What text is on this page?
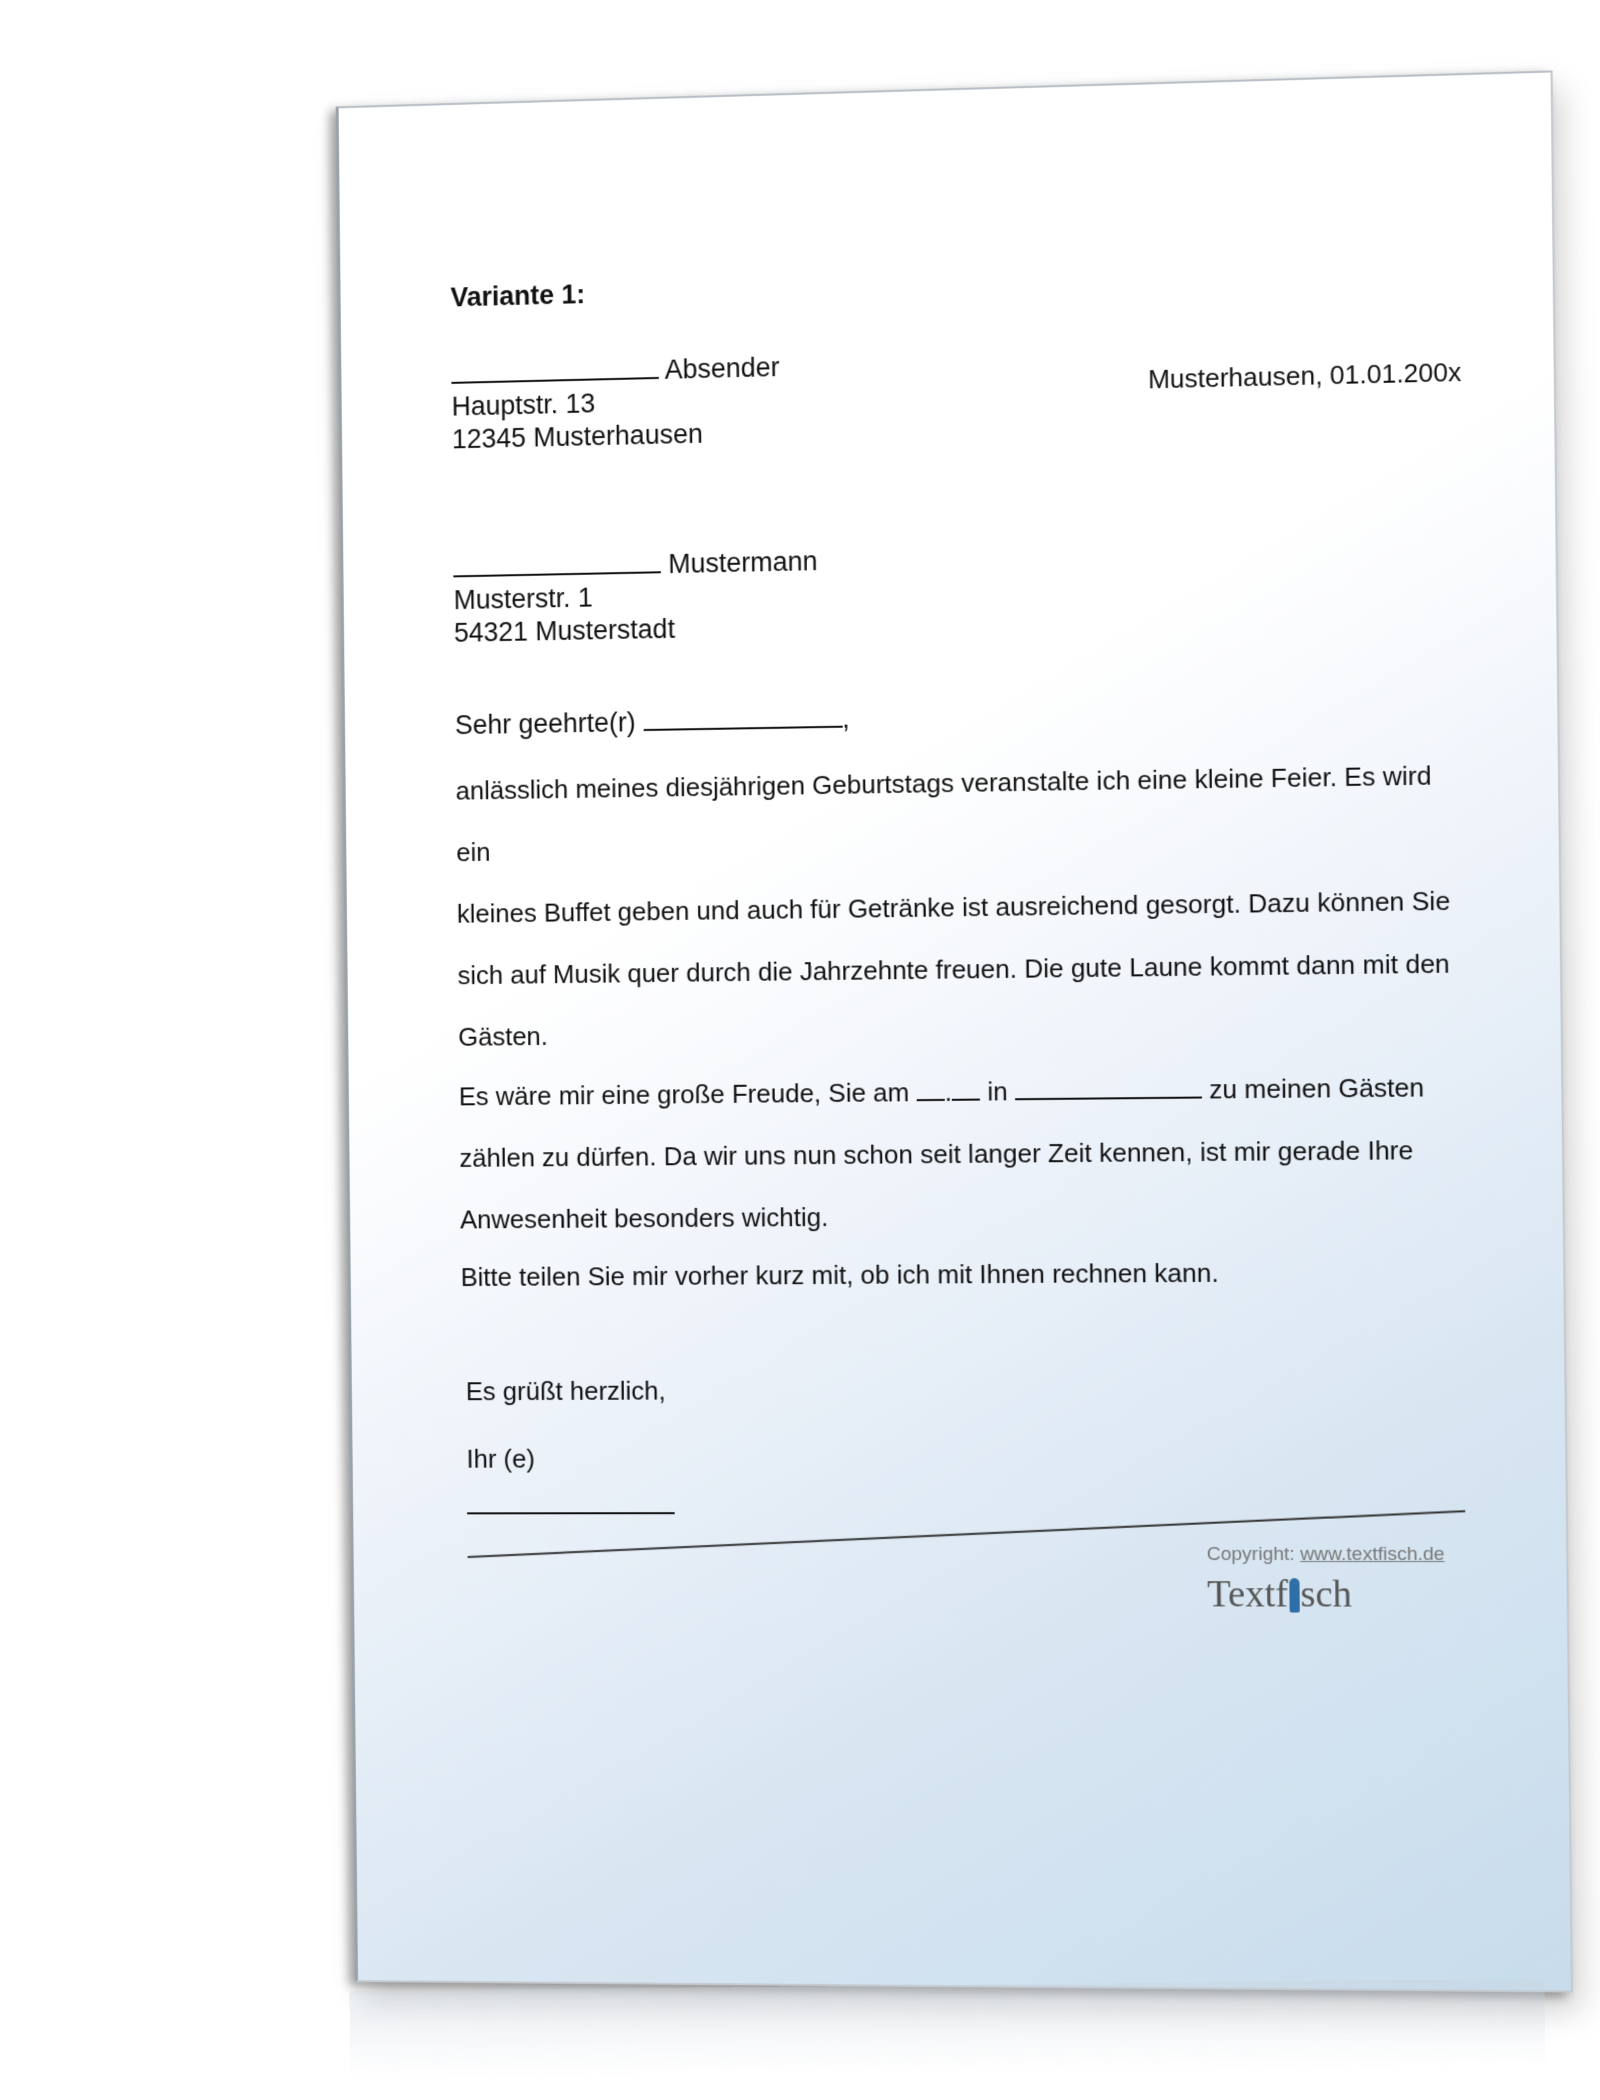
Variante 1:
Absender
Hauptstr. 13
12345 Musterhausen
Musterhausen, 01.01.200x
Mustermann
Musterstr. 1
54321 Musterstadt
Sehr geehrte(r)	,
anlässlich meines diesjährigen Geburtstags veranstalte ich eine kleine Feier. Es wird ein
kleines Buffet geben und auch für Getränke ist ausreichend gesorgt. Dazu können Sie
sich auf Musik quer durch die Jahrzehnte freuen. Die gute Laune kommt dann mit den
Gästen.
Es wäre mir eine große Freude, Sie am . in	zu meinen Gästen
zählen zu dürfen. Da wir uns nun schon seit langer Zeit kennen, ist mir gerade Ihre
Anwesenheit besonders wichtig.
Bitte teilen Sie mir vorher kurz mit, ob ich mit Ihnen rechnen kann.
Es grüßt herzlich,
Ihr (e)
Copyright: www.textfisch.de
Textf sch
